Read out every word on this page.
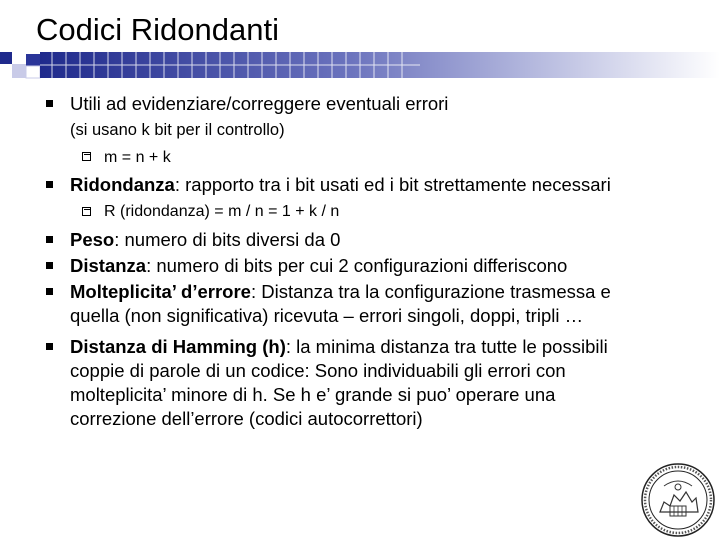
Codici Ridondanti
Utili ad evidenziare/correggere eventuali errori
(si usano k bit per il controllo)
m = n + k
Ridondanza: rapporto tra i bit usati ed i bit strettamente necessari
R (ridondanza) = m / n = 1 + k / n
Peso: numero di bits diversi da 0
Distanza: numero di bits per cui 2 configurazioni differiscono
Molteplicita’ d’errore: Distanza tra la configurazione trasmessa e
quella (non significativa) ricevuta – errori singoli, doppi, tripli …
Distanza di Hamming (h): la minima distanza tra tutte le possibili
coppie di parole di un codice: Sono individuabili gli errori con
molteplicita’ minore di h. Se h e’ grande si puo’ operare una
correzione dell’errore (codici autocorrettori)
